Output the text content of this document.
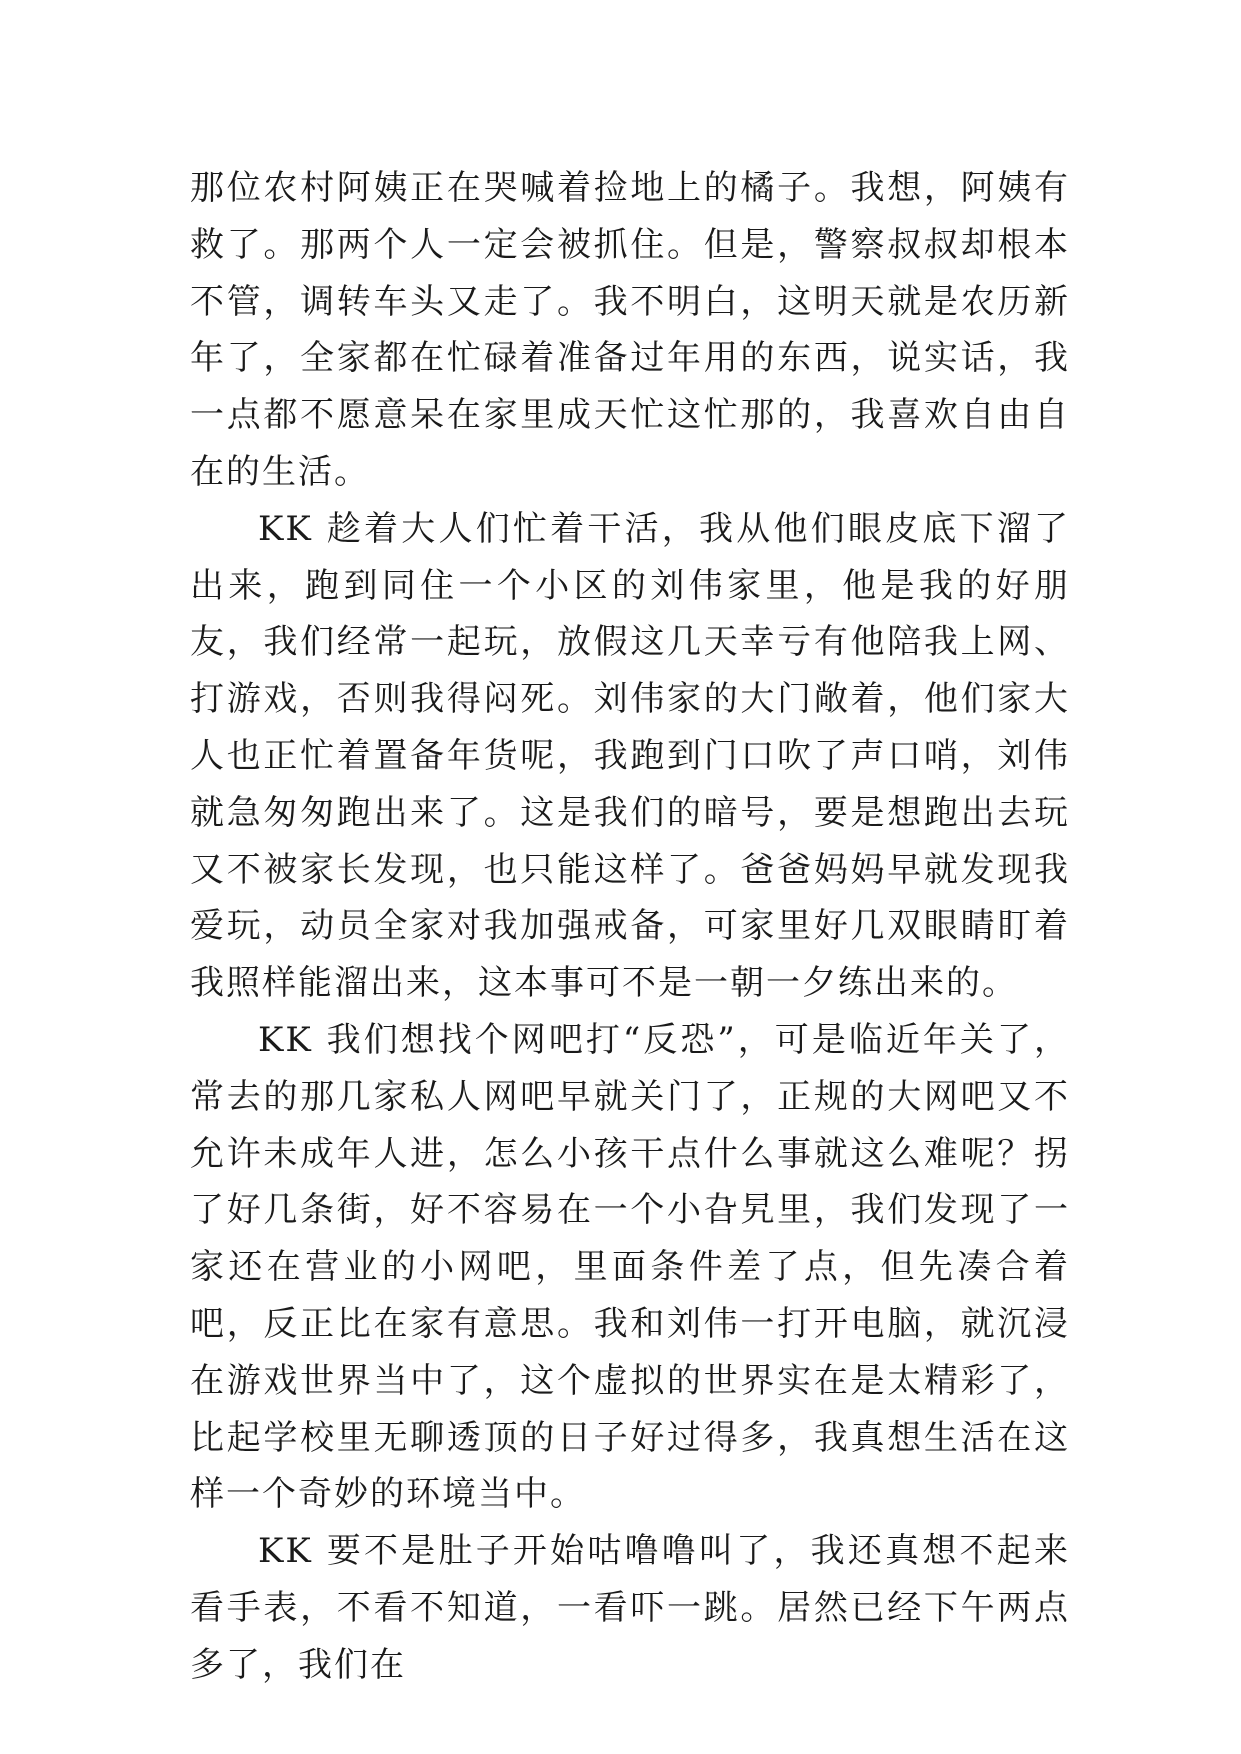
那位农村阿姨正在哭喊着捡地上的橘子。我想，阿姨有救了。那两个人一定会被抓住。但是，警察叔叔却根本不管，调转车头又走了。我不明白，这明天就是农历新年了，全家都在忙碌着准备过年用的东西，说实话，我一点都不愿意呆在家里成天忙这忙那的，我喜欢自由自在的生活。

KK 趁着大人们忙着干活，我从他们眼皮底下溜了出来，跑到同住一个小区的刘伟家里，他是我的好朋友，我们经常一起玩，放假这几天幸亏有他陪我上网、打游戏，否则我得闷死。刘伟家的大门敞着，他们家大人也正忙着置备年货呢，我跑到门口吹了声口哨，刘伟就急匆匆跑出来了。这是我们的暗号，要是想跑出去玩又不被家长发现，也只能这样了。爸爸妈妈早就发现我爱玩，动员全家对我加强戒备，可家里好几双眼睛盯着我照样能溜出来，这本事可不是一朝一夕练出来的。

KK 我们想找个网吧打“反恐”，可是临近年关了，常去的那几家私人网吧早就关门了，正规的大网吧又不允许未成年人进，怎么小孩干点什么事就这么难呢？拐了好几条街，好不容易在一个小旮旯里，我们发现了一家还在营业的小网吧，里面条件差了点，但先凑合着吧，反正比在家有意思。我和刘伟一打开电脑，就沉浸在游戏世界当中了，这个虚拟的世界实在是太精彩了，比起学校里无聊透顶的日子好过得多，我真想生活在这样一个奇妙的环境当中。

KK 要不是肚子开始咕噜噜叫了，我还真想不起来看手表，不看不知道，一看吓一跳。居然已经下午两点多了，我们在
